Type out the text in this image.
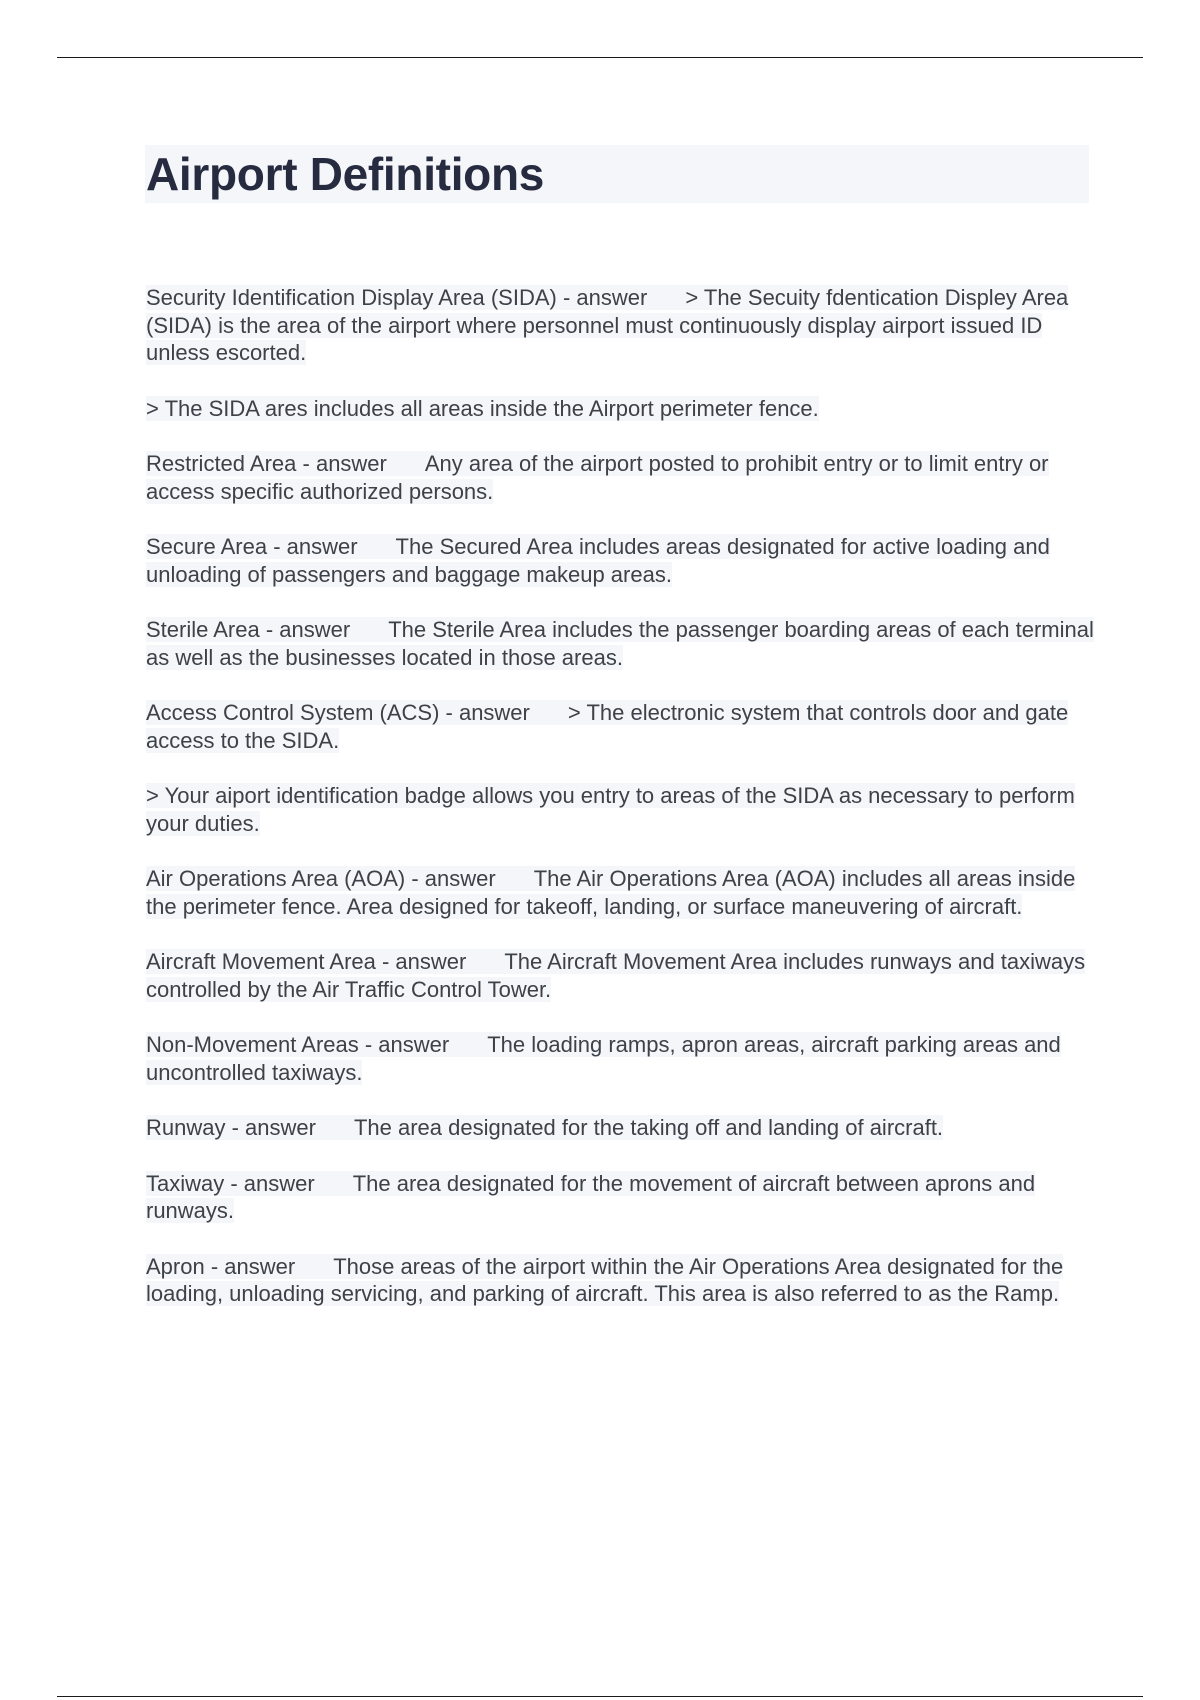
Airport Definitions

Security Identification Display Area (SIDA) - answer > The Secuity fdentication Displey Area (SIDA) is the area of the airport where personnel must continuously display airport issued ID unless escorted.

> The SIDA ares includes all areas inside the Airport perimeter fence.

Restricted Area - answer Any area of the airport posted to prohibit entry or to limit entry or access specific authorized persons.

Secure Area - answer The Secured Area includes areas designated for active loading and unloading of passengers and baggage makeup areas.

Sterile Area - answer The Sterile Area includes the passenger boarding areas of each terminal as well as the businesses located in those areas.

Access Control System (ACS) - answer > The electronic system that controls door and gate access to the SIDA.

> Your aiport identification badge allows you entry to areas of the SIDA as necessary to perform your duties.

Air Operations Area (AOA) - answer The Air Operations Area (AOA) includes all areas inside the perimeter fence. Area designed for takeoff, landing, or surface maneuvering of aircraft.

Aircraft Movement Area - answer The Aircraft Movement Area includes runways and taxiways controlled by the Air Traffic Control Tower.

Non-Movement Areas - answer The loading ramps, apron areas, aircraft parking areas and uncontrolled taxiways.

Runway - answer The area designated for the taking off and landing of aircraft.

Taxiway - answer The area designated for the movement of aircraft between aprons and runways.

Apron - answer Those areas of the airport within the Air Operations Area designated for the loading, unloading servicing, and parking of aircraft. This area is also referred to as the Ramp.
